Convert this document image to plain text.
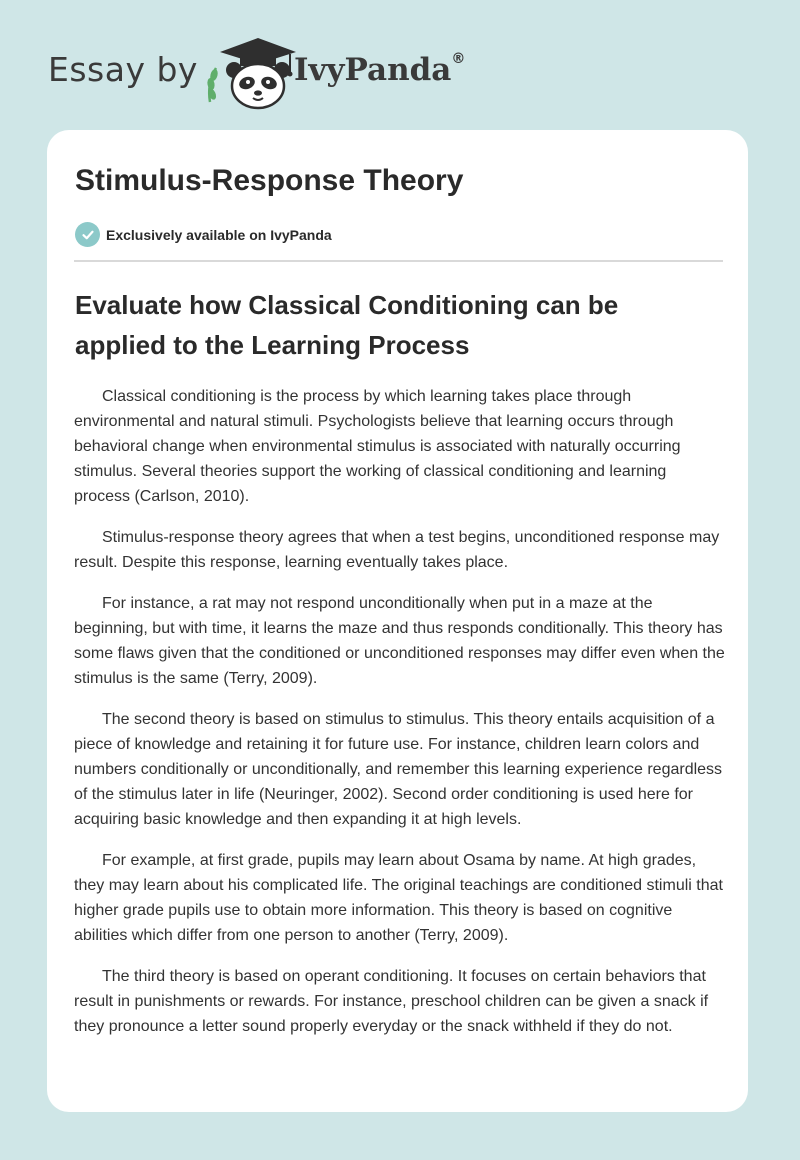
Essay by	IvyPanda®
Stimulus-Response Theory
Exclusively available on IvyPanda
Evaluate how Classical Conditioning can be applied to the Learning Process

Classical conditioning is the process by which learning takes place through environmental and natural stimuli. Psychologists believe that learning occurs through behavioral change when environmental stimulus is associated with naturally occurring stimulus. Several theories support the working of classical conditioning and learning process (Carlson, 2010).

Stimulus-response theory agrees that when a test begins, unconditioned response may result. Despite this response, learning eventually takes place.

For instance, a rat may not respond unconditionally when put in a maze at the beginning, but with time, it learns the maze and thus responds conditionally. This theory has some flaws given that the conditioned or unconditioned responses may differ even when the stimulus is the same (Terry, 2009).

The second theory is based on stimulus to stimulus. This theory entails acquisition of a piece of knowledge and retaining it for future use. For instance, children learn colors and numbers conditionally or unconditionally, and remember this learning experience regardless of the stimulus later in life (Neuringer, 2002). Second order conditioning is used here for acquiring basic knowledge and then expanding it at high levels.

For example, at first grade, pupils may learn about Osama by name. At high grades, they may learn about his complicated life. The original teachings are conditioned stimuli that higher grade pupils use to obtain more information. This theory is based on cognitive abilities which differ from one person to another (Terry, 2009).

The third theory is based on operant conditioning. It focuses on certain behaviors that result in punishments or rewards. For instance, preschool children can be given a snack if they pronounce a letter sound properly everyday or the snack withheld if they do not.
